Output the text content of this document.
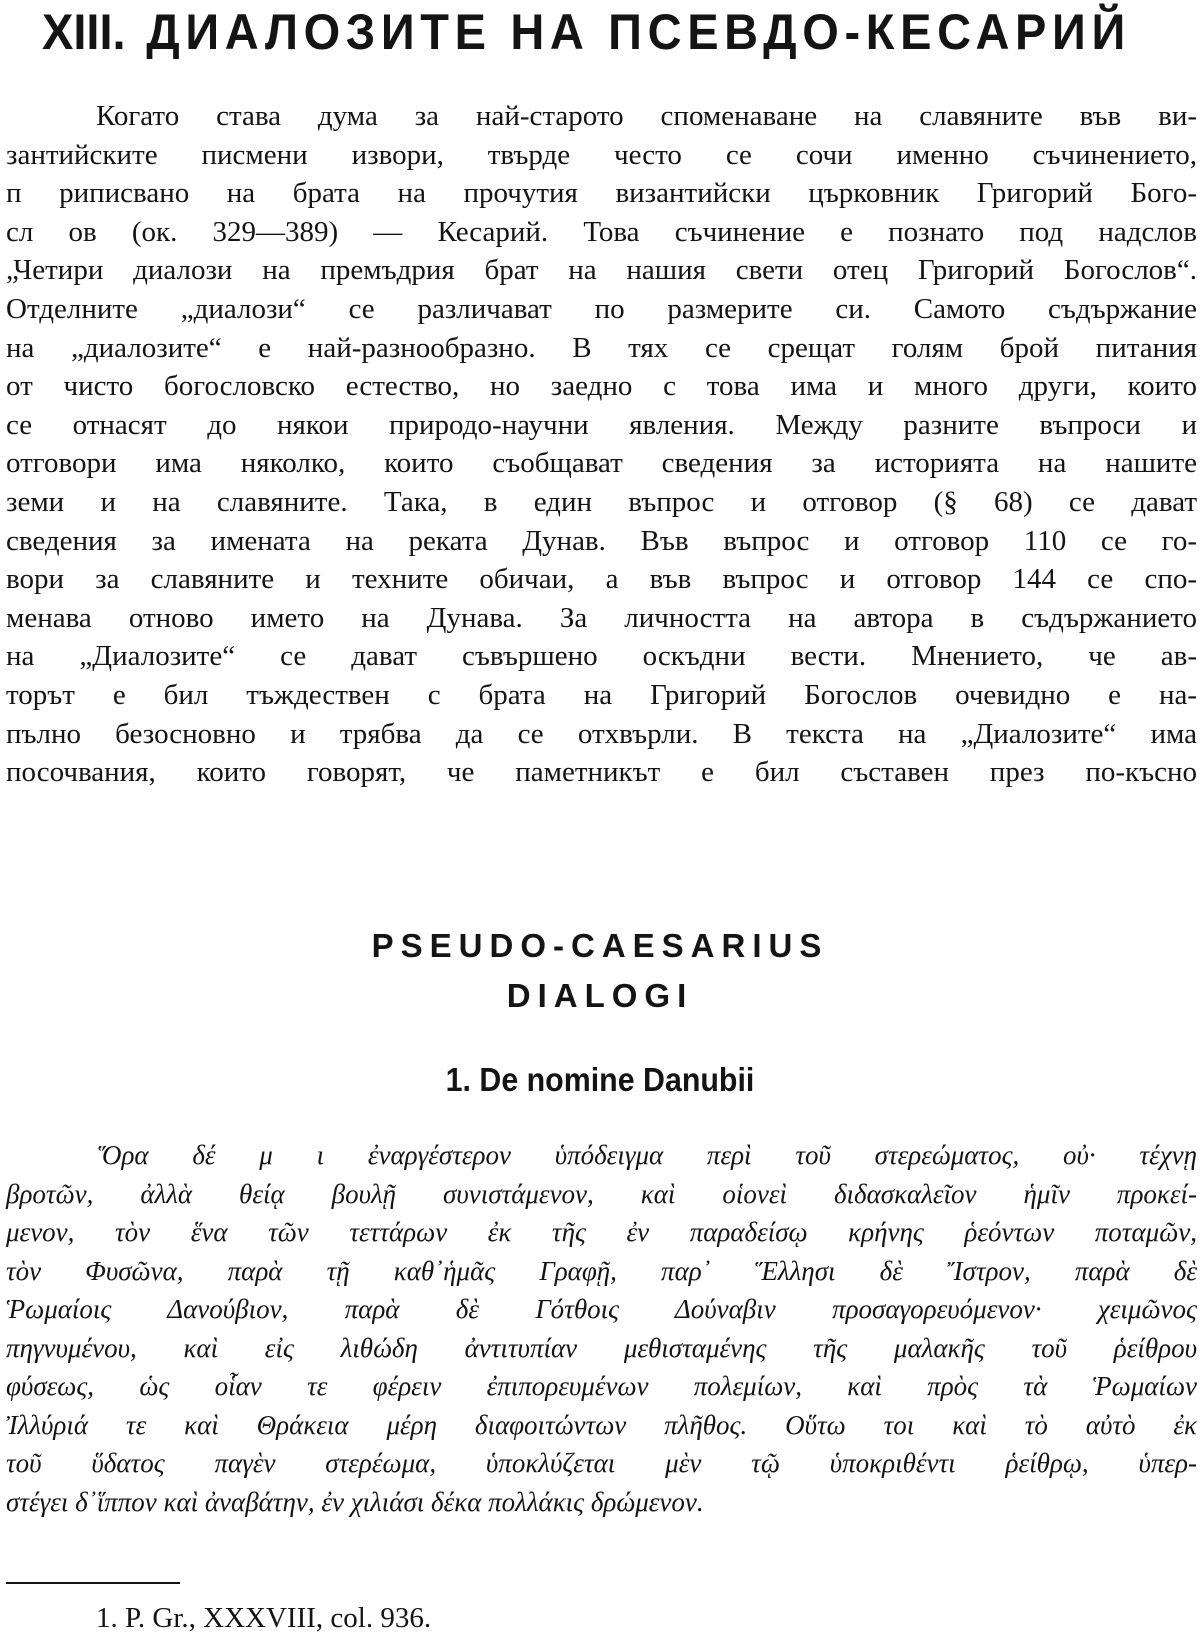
XIII. ДИАЛОЗИТЕ НА ПСЕВДО-КЕСАРИЙ
Когато става дума за най-старото споменаване на славяните във ви-
зантийските писмени извори, твърде често се сочи именно съчинението,
п риписвано на брата на прочутия византийски църковник Григорий Бого-
сл ов (ок. 329—389) — Кесарий. Това съчинение е познато под надслов
„Четири диалози на премъдрия брат на нашия свети отец Григорий Богослов“.
Отделните „диалози“ се различават по размерите си. Самото съдържание
на „диалозите“ е най-разнообразно. В тях се срещат голям брой питания
от чисто богословско естество, но заедно с това има и много други, които
се отнасят до някои природо-научни явления. Между разните въпроси и
отговори има няколко, които съобщават сведения за историята на нашите
земи и на славяните. Така, в един въпрос и отговор (§ 68) се дават
сведения за имената на реката Дунав. Във въпрос и отговор 110 се го-
вори за славяните и техните обичаи, а във въпрос и отговор 144 се спо-
менава отново името на Дунава. За личността на автора в съдържанието
на „Диалозите“ се дават съвършено оскъдни вести. Мнението, че ав-
торът е бил тъждествен с брата на Григорий Богослов очевидно е на-
пълно безосновно и трябва да се отхвърли. В текста на „Диалозите“ има
посочвания, които говорят, че паметникът е бил съставен през по-късно
PSEUDO-CAESARIUS
DIALOGI
1. De nomine Danubii
Ὅρα δέ μ ι ἐναργέστερον ὑπόδειγμα περὶ τοῦ στερεώματος, οὐ· τέχνῃ
βροτῶν, ἀλλὰ θείᾳ βουλῇ συνιστάμενον, καὶ οἱονεὶ διδασκαλεῖον ἡμῖν προκεί-
μενον, τὸν ἕνα τῶν τεττάρων ἐκ τῆς ἐν παραδείσῳ κρήνης ῥεόντων ποταμῶν,
τὸν Φυσῶνα, παρὰ τῇ καθ᾿ἡμᾶς Γραφῇ, παρ᾿ Ἕλλησι δὲ Ἴστρον, παρὰ δὲ
Ῥωμαίοις Δανούβιον, παρὰ δὲ Γότθοις Δούναβιν προσαγορευόμενον· χειμῶνος
πηγνυμένου, καὶ εἰς λιθώδη ἀντιτυπίαν μεθισταμένης τῆς μαλακῆς τοῦ ῥείθρου
φύσεως, ὡς οἷαν τε φέρειν ἐπιπορευμένων πολεμίων, καὶ πρὸς τὰ Ῥωμαίων
Ἰλλύριά τε καὶ Θράκεια μέρη διαφοιτώντων πλῆθος. Οὕτω τοι καὶ τὸ αὐτὸ ἐκ
τοῦ ὕδατος παγὲν στερέωμα, ὑποκλύζεται μὲν τῷ ὑποκριθέντι ῥείθρῳ, ὑπερ-
στέγει δ᾿ἵππον καὶ ἀναβάτην, ἐν χιλιάσι δέκα πολλάκις δρώμενον.

1. P. Gr., XXXVIII, col. 936.
